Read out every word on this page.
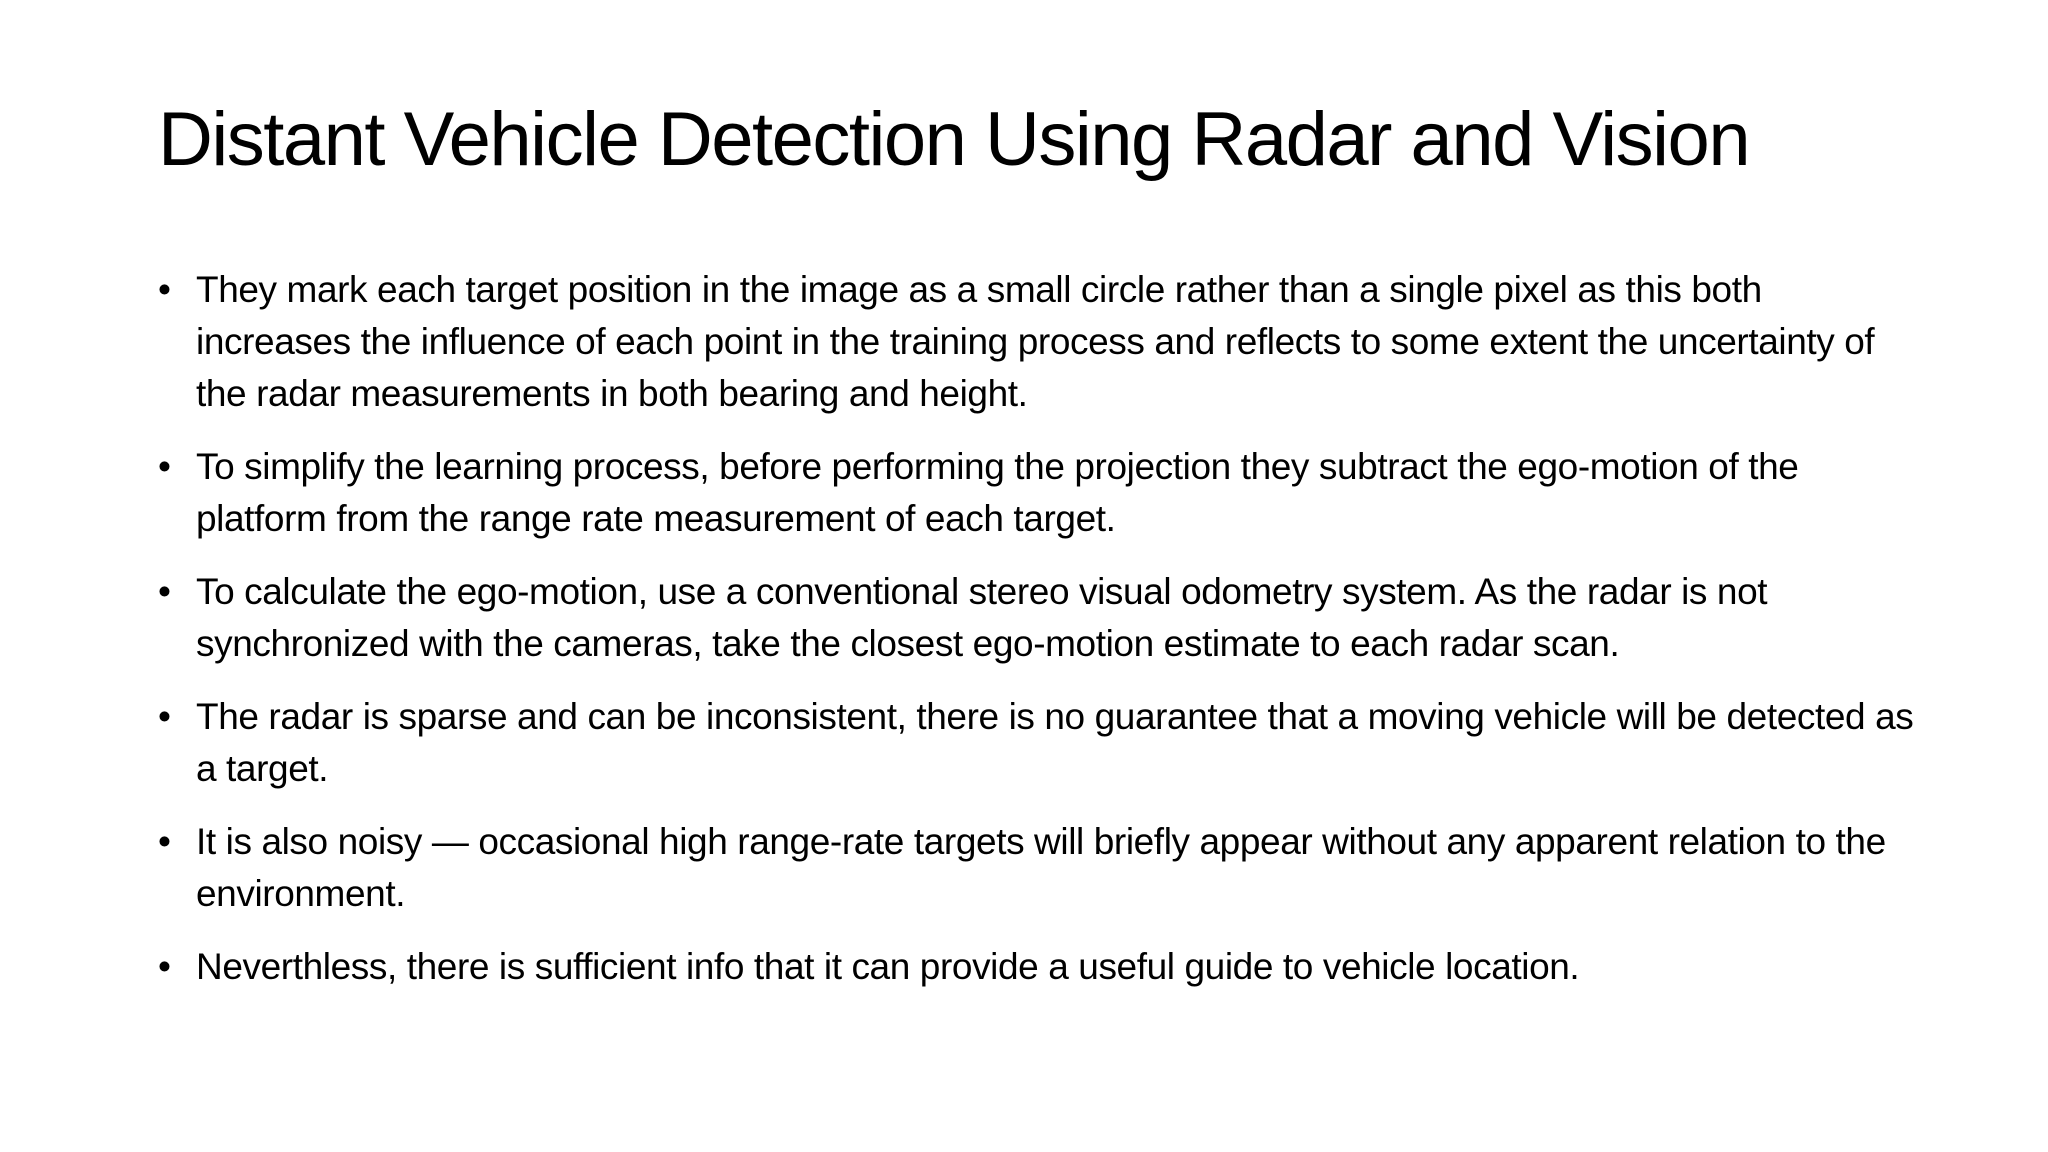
Distant Vehicle Detection Using Radar and Vision
• They mark each target position in the image as a small circle rather than a single pixel as this both increases the influence of each point in the training process and reflects to some extent the uncertainty of the radar measurements in both bearing and height.
• To simplify the learning process, before performing the projection they subtract the ego-motion of the platform from the range rate measurement of each target.
• To calculate the ego-motion, use a conventional stereo visual odometry system. As the radar is not synchronized with the cameras, take the closest ego-motion estimate to each radar scan.
• The radar is sparse and can be inconsistent, there is no guarantee that a moving vehicle will be detected as a target.
• It is also noisy — occasional high range-rate targets will briefly appear without any apparent relation to the environment.
• Neverthless, there is sufficient info that it can provide a useful guide to vehicle location.
